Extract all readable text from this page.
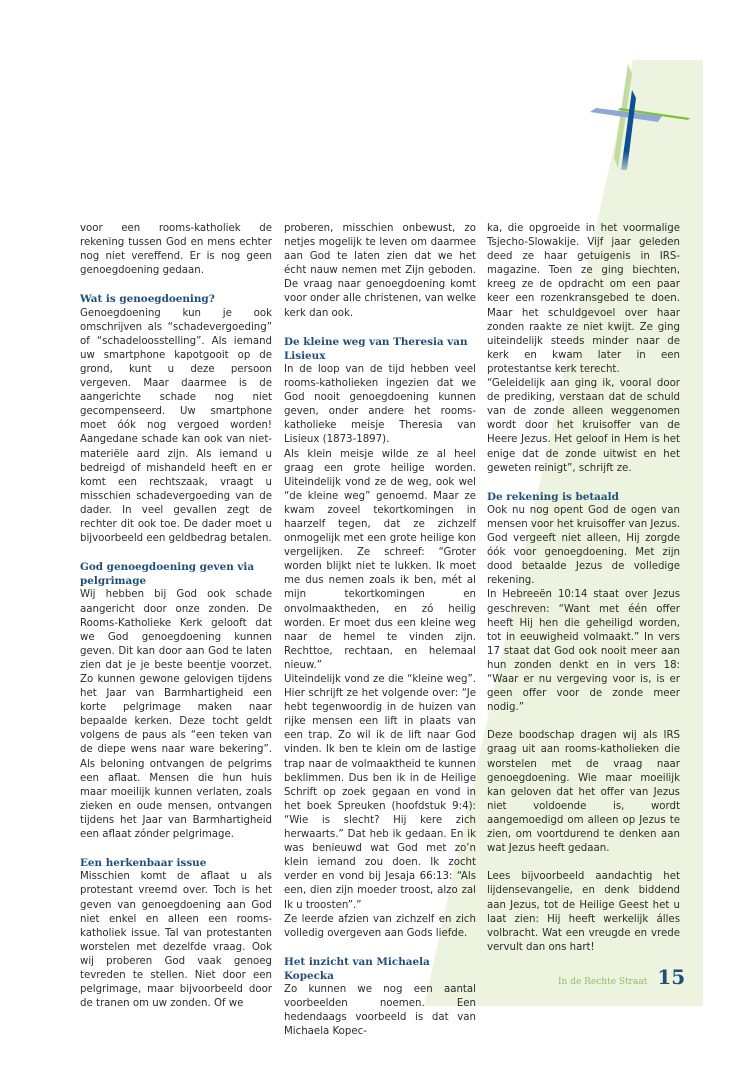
voor een rooms-katholiek de rekening tussen God en mens echter nog niet vereffend. Er is nog geen genoegdoening gedaan.

Wat is genoegdoening?

Genoegdoening kun je ook omschrijven als “schadevergoeding” of “schadeloosstelling”. Als iemand uw smartphone kapotgooit op de grond, kunt u deze persoon vergeven. Maar daarmee is de aangerichte schade nog niet gecompenseerd. Uw smartphone moet óók nog vergoed worden! Aangedane schade kan ook van niet-materiële aard zijn. Als iemand u bedreigd of mishandeld heeft en er komt een rechtszaak, vraagt u misschien schadevergoeding van de dader. In veel gevallen zegt de rechter dit ook toe. De dader moet u bijvoorbeeld een geldbedrag betalen.

God genoegdoening geven via pelgrimage

Wij hebben bij God ook schade aangericht door onze zonden. De Rooms-Katholieke Kerk gelooft dat we God genoegdoening kunnen geven. Dit kan door aan God te laten zien dat je je beste beentje voorzet. Zo kunnen gewone gelovigen tijdens het Jaar van Barmhartigheid een korte pelgrimage maken naar bepaalde kerken. Deze tocht geldt volgens de paus als “een teken van de diepe wens naar ware bekering”. Als beloning ontvangen de pelgrims een aflaat. Mensen die hun huis maar moeilijk kunnen verlaten, zoals zieken en oude mensen, ontvangen tijdens het Jaar van Barmhartigheid een aflaat zónder pelgrimage.

Een herkenbaar issue

Misschien komt de aflaat u als protestant vreemd over. Toch is het geven van genoegdoening aan God niet enkel en alleen een rooms-katholiek issue. Tal van protestanten worstelen met dezelfde vraag. Ook wij proberen God vaak genoeg tevreden te stellen. Niet door een pelgrimage, maar bijvoorbeeld door de tranen om uw zonden. Of we

proberen, misschien onbewust, zo netjes mogelijk te leven om daarmee aan God te laten zien dat we het écht nauw nemen met Zijn geboden. De vraag naar genoegdoening komt voor onder alle christenen, van welke kerk dan ook.

De kleine weg van Theresia van Lisieux

In de loop van de tijd hebben veel rooms-katholieken ingezien dat we God nooit genoegdoening kunnen geven, onder andere het rooms-katholieke meisje Theresia van Lisieux (1873-1897).

Als klein meisje wilde ze al heel graag een grote heilige worden. Uiteindelijk vond ze de weg, ook wel “de kleine weg” genoemd. Maar ze kwam zoveel tekortkomingen in haarzelf tegen, dat ze zichzelf onmogelijk met een grote heilige kon vergelijken. Ze schreef: “Groter worden blijkt niet te lukken. Ik moet me dus nemen zoals ik ben, mét al mijn tekortkomingen en onvolmaaktheden, en zó heilig worden. Er moet dus een kleine weg naar de hemel te vinden zijn. Rechttoe, rechtaan, en helemaal nieuw.”

Uiteindelijk vond ze die “kleine weg”. Hier schrijft ze het volgende over: “Je hebt tegenwoordig in de huizen van rijke mensen een lift in plaats van een trap. Zo wil ik de lift naar God vinden. Ik ben te klein om de lastige trap naar de volmaaktheid te kunnen beklimmen. Dus ben ik in de Heilige Schrift op zoek gegaan en vond in het boek Spreuken (hoofdstuk 9:4): “Wie is slecht? Hij kere zich herwaarts.” Dat heb ik gedaan. En ik was benieuwd wat God met zo’n klein iemand zou doen. Ik zocht verder en vond bij Jesaja 66:13: “Als een, dien zijn moeder troost, alzo zal Ik u troosten”.”

Ze leerde afzien van zichzelf en zich volledig overgeven aan Gods liefde.

Het inzicht van Michaela Kopecka

Zo kunnen we nog een aantal voorbeelden noemen. Een hedendaags voorbeeld is dat van Michaela Kopec-

ka, die opgroeide in het voormalige Tsjecho-Slowakije. Vijf jaar geleden deed ze haar getuigenis in IRS-magazine. Toen ze ging biechten, kreeg ze de opdracht om een paar keer een rozenkransgebed te doen. Maar het schuldgevoel over haar zonden raakte ze niet kwijt. Ze ging uiteindelijk steeds minder naar de kerk en kwam later in een protestantse kerk terecht.

“Geleidelijk aan ging ik, vooral door de prediking, verstaan dat de schuld van de zonde alleen weggenomen wordt door het kruisoffer van de Heere Jezus. Het geloof in Hem is het enige dat de zonde uitwist en het geweten reinigt”, schrijft ze.

De rekening is betaald

Ook nu nog opent God de ogen van mensen voor het kruisoffer van Jezus. God vergeeft niet alleen, Hij zorgde óók voor genoegdoening. Met zijn dood betaalde Jezus de volledige rekening.

In Hebreeën 10:14 staat over Jezus geschreven: “Want met één offer heeft Hij hen die geheiligd worden, tot in eeuwigheid volmaakt.” In vers 17 staat dat God ook nooit meer aan hun zonden denkt en in vers 18: “Waar er nu vergeving voor is, is er geen offer voor de zonde meer nodig.”

Deze boodschap dragen wij als IRS graag uit aan rooms-katholieken die worstelen met de vraag naar genoegdoening. Wie maar moeilijk kan geloven dat het offer van Jezus niet voldoende is, wordt aangemoedigd om alleen op Jezus te zien, om voortdurend te denken aan wat Jezus heeft gedaan.

Lees bijvoorbeeld aandachtig het lijdensevangelie, en denk biddend aan Jezus, tot de Heilige Geest het u laat zien: Hij heeft werkelijk álles volbracht. Wat een vreugde en vrede vervult dan ons hart!

In de Rechte Straat 15
